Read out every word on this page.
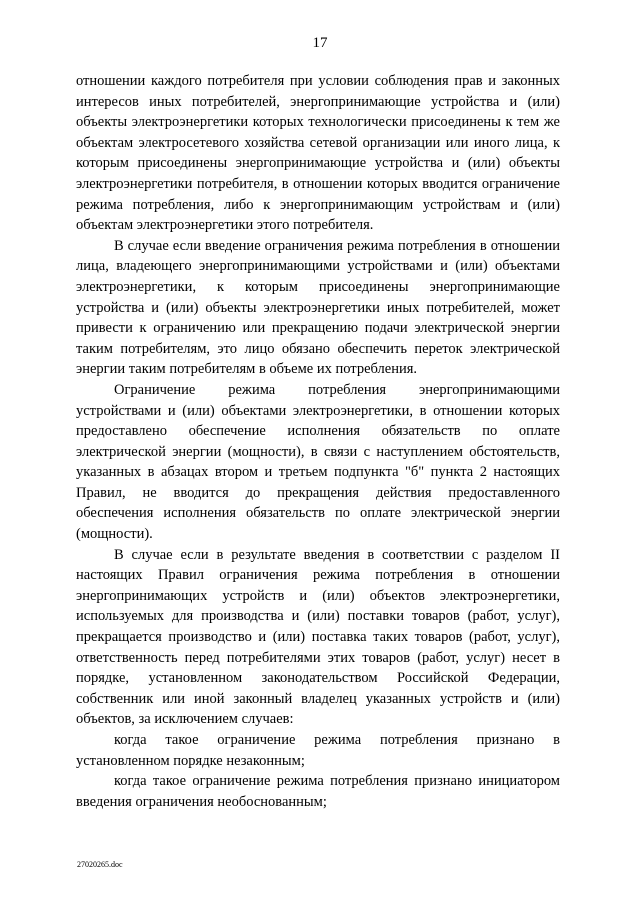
17

отношении каждого потребителя при условии соблюдения прав и законных интересов иных потребителей, энергопринимающие устройства и (или) объекты электроэнергетики которых технологически присоединены к тем же объектам электросетевого хозяйства сетевой организации или иного лица, к которым присоединены энергопринимающие устройства и (или) объекты электроэнергетики потребителя, в отношении которых вводится ограничение режима потребления, либо к энергопринимающим устройствам и (или) объектам электроэнергетики этого потребителя.

В случае если введение ограничения режима потребления в отношении лица, владеющего энергопринимающими устройствами и (или) объектами электроэнергетики, к которым присоединены энергопринимающие устройства и (или) объекты электроэнергетики иных потребителей, может привести к ограничению или прекращению подачи электрической энергии таким потребителям, это лицо обязано обеспечить переток электрической энергии таким потребителям в объеме их потребления.

Ограничение режима потребления энергопринимающими устройствами и (или) объектами электроэнергетики, в отношении которых предоставлено обеспечение исполнения обязательств по оплате электрической энергии (мощности), в связи с наступлением обстоятельств, указанных в абзацах втором и третьем подпункта "б" пункта 2 настоящих Правил, не вводится до прекращения действия предоставленного обеспечения исполнения обязательств по оплате электрической энергии (мощности).

В случае если в результате введения в соответствии с разделом II настоящих Правил ограничения режима потребления в отношении энергопринимающих устройств и (или) объектов электроэнергетики, используемых для производства и (или) поставки товаров (работ, услуг), прекращается производство и (или) поставка таких товаров (работ, услуг), ответственность перед потребителями этих товаров (работ, услуг) несет в порядке, установленном законодательством Российской Федерации, собственник или иной законный владелец указанных устройств и (или) объектов, за исключением случаев:

когда такое ограничение режима потребления признано в установленном порядке незаконным;

когда такое ограничение режима потребления признано инициатором введения ограничения необоснованным;

27020265.doc
